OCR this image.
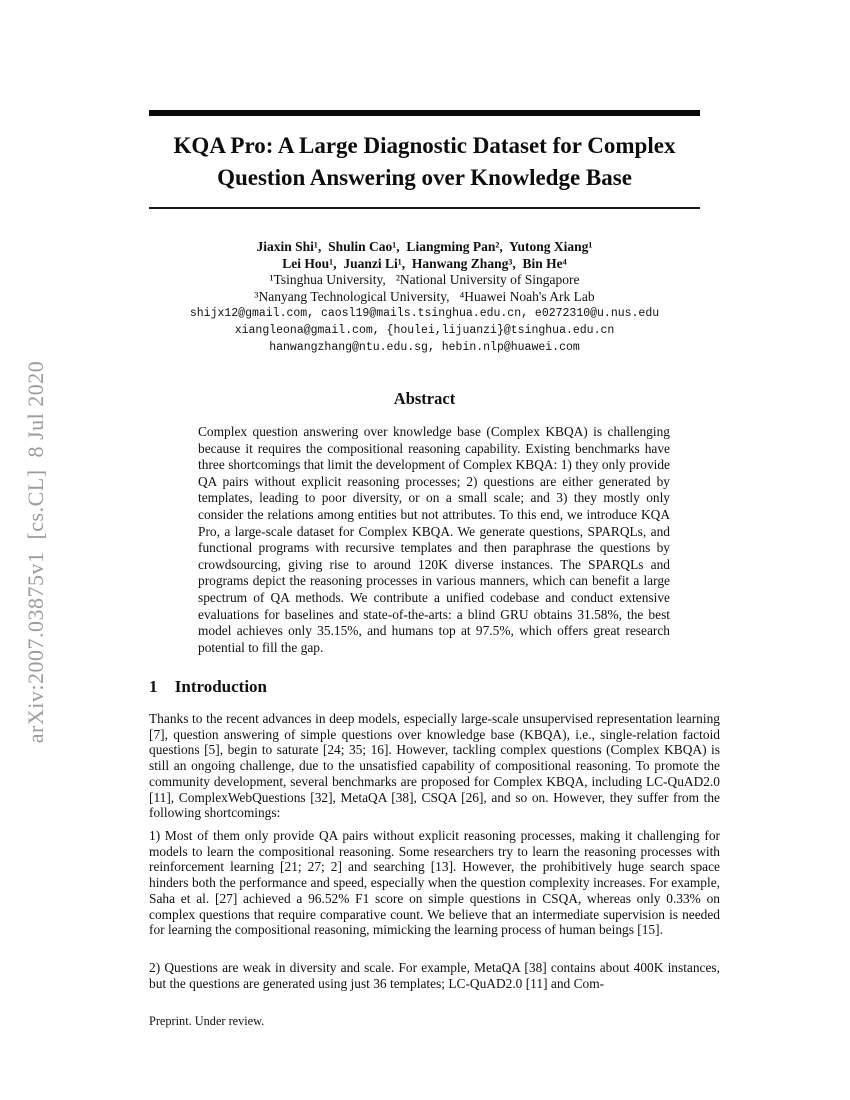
arXiv:2007.03875v1  [cs.CL]  8 Jul 2020
KQA Pro: A Large Diagnostic Dataset for Complex
Question Answering over Knowledge Base
Jiaxin Shi¹,  Shulin Cao¹,  Liangming Pan²,  Yutong Xiang¹
Lei Hou¹,  Juanzi Li¹,  Hanwang Zhang³,  Bin He⁴
¹Tsinghua University,   ²National University of Singapore
³Nanyang Technological University,   ⁴Huawei Noah's Ark Lab
shijx12@gmail.com, caosl19@mails.tsinghua.edu.cn, e0272310@u.nus.edu
xiangleona@gmail.com, {houlei,lijuanzi}@tsinghua.edu.cn
hanwangzhang@ntu.edu.sg, hebin.nlp@huawei.com
Abstract
Complex question answering over knowledge base (Complex KBQA) is challenging because it requires the compositional reasoning capability. Existing benchmarks have three shortcomings that limit the development of Complex KBQA: 1) they only provide QA pairs without explicit reasoning processes; 2) questions are either generated by templates, leading to poor diversity, or on a small scale; and 3) they mostly only consider the relations among entities but not attributes. To this end, we introduce KQA Pro, a large-scale dataset for Complex KBQA. We generate questions, SPARQLs, and functional programs with recursive templates and then paraphrase the questions by crowdsourcing, giving rise to around 120K diverse instances. The SPARQLs and programs depict the reasoning processes in various manners, which can benefit a large spectrum of QA methods. We contribute a unified codebase and conduct extensive evaluations for baselines and state-of-the-arts: a blind GRU obtains 31.58%, the best model achieves only 35.15%, and humans top at 97.5%, which offers great research potential to fill the gap.
1 Introduction
Thanks to the recent advances in deep models, especially large-scale unsupervised representation learning [7], question answering of simple questions over knowledge base (KBQA), i.e., single-relation factoid questions [5], begin to saturate [24; 35; 16]. However, tackling complex questions (Complex KBQA) is still an ongoing challenge, due to the unsatisfied capability of compositional reasoning. To promote the community development, several benchmarks are proposed for Complex KBQA, including LC-QuAD2.0 [11], ComplexWebQuestions [32], MetaQA [38], CSQA [26], and so on. However, they suffer from the following shortcomings:
1) Most of them only provide QA pairs without explicit reasoning processes, making it challenging for models to learn the compositional reasoning. Some researchers try to learn the reasoning processes with reinforcement learning [21; 27; 2] and searching [13]. However, the prohibitively huge search space hinders both the performance and speed, especially when the question complexity increases. For example, Saha et al. [27] achieved a 96.52% F1 score on simple questions in CSQA, whereas only 0.33% on complex questions that require comparative count. We believe that an intermediate supervision is needed for learning the compositional reasoning, mimicking the learning process of human beings [15].
2) Questions are weak in diversity and scale. For example, MetaQA [38] contains about 400K instances, but the questions are generated using just 36 templates; LC-QuAD2.0 [11] and Com-
Preprint. Under review.
